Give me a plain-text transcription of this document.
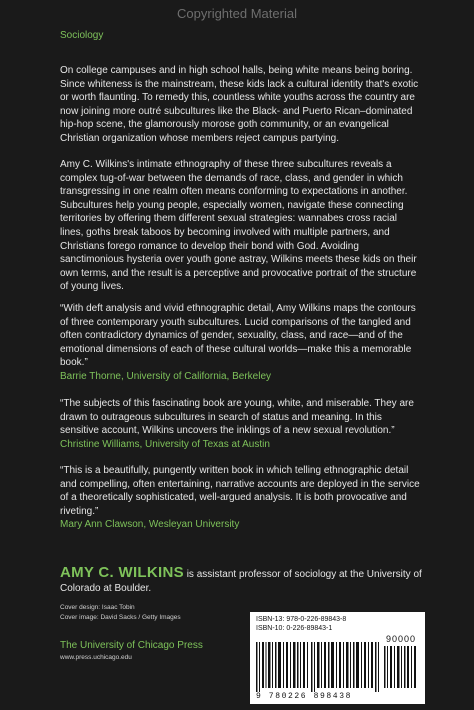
Copyrighted Material
Sociology

On college campuses and in high school halls, being white means being boring. Since whiteness is the mainstream, these kids lack a cultural identity that's exotic or worth flaunting. To remedy this, countless white youths across the country are now joining more outré subcultures like the Black- and Puerto Rican–dominated hip-hop scene, the glamorously morose goth community, or an evangelical Christian organization whose members reject campus partying.

Amy C. Wilkins's intimate ethnography of these three subcultures reveals a complex tug-of-war between the demands of race, class, and gender in which transgressing in one realm often means conforming to expectations in another. Subcultures help young people, especially women, navigate these connecting territories by offering them different sexual strategies: wannabes cross racial lines, goths break taboos by becoming involved with multiple partners, and Christians forego romance to develop their bond with God. Avoiding sanctimonious hysteria over youth gone astray, Wilkins meets these kids on their own terms, and the result is a perceptive and provocative portrait of the structure of young lives.

“With deft analysis and vivid ethnographic detail, Amy Wilkins maps the contours of three contemporary youth subcultures. Lucid comparisons of the tangled and often contradictory dynamics of gender, sexuality, class, and race—and of the emotional dimensions of each of these cultural worlds—make this a memorable book.”
Barrie Thorne, University of California, Berkeley
“The subjects of this fascinating book are young, white, and miserable. They are drawn to outrageous subcultures in search of status and meaning. In this sensitive account, Wilkins uncovers the inklings of a new sexual revolution.”
Christine Williams, University of Texas at Austin
“This is a beautifully, pungently written book in which telling ethnographic detail and compelling, often entertaining, narrative accounts are deployed in the service of a theoretically sophisticated, well-argued analysis. It is both provocative and riveting.”
Mary Ann Clawson, Wesleyan University
AMY C. WILKINS is assistant professor of sociology at the University of Colorado at Boulder.
Cover design: Isaac Tobin
Cover image: David Sacks / Getty Images
The University of Chicago Press
www.press.uchicago.edu
ISBN-13: 978-0-226-89843-8
ISBN-10: 0-226-89843-1
90000
9 780226 898438
